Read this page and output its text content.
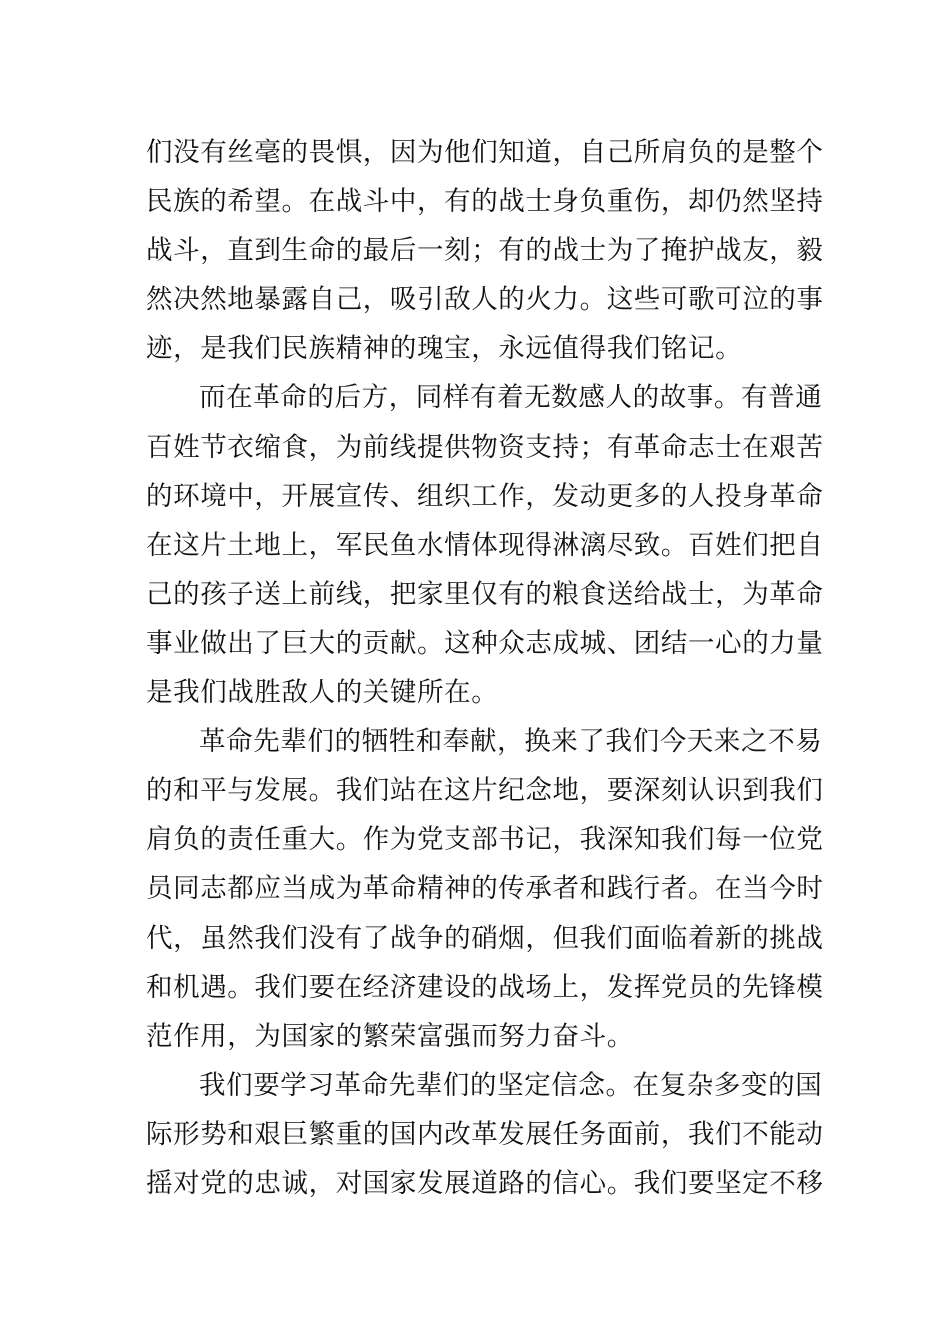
们没有丝毫的畏惧，因为他们知道，自己所肩负的是整个
民族的希望。在战斗中，有的战士身负重伤，却仍然坚持
战斗，直到生命的最后一刻；有的战士为了掩护战友，毅
然决然地暴露自己，吸引敌人的火力。这些可歌可泣的事
迹，是我们民族精神的瑰宝，永远值得我们铭记。
而在革命的后方，同样有着无数感人的故事。有普通
百姓节衣缩食，为前线提供物资支持；有革命志士在艰苦
的环境中，开展宣传、组织工作，发动更多的人投身革命
在这片土地上，军民鱼水情体现得淋漓尽致。百姓们把自
己的孩子送上前线，把家里仅有的粮食送给战士，为革命
事业做出了巨大的贡献。这种众志成城、团结一心的力量
是我们战胜敌人的关键所在。
革命先辈们的牺牲和奉献，换来了我们今天来之不易
的和平与发展。我们站在这片纪念地，要深刻认识到我们
肩负的责任重大。作为党支部书记，我深知我们每一位党
员同志都应当成为革命精神的传承者和践行者。在当今时
代，虽然我们没有了战争的硝烟，但我们面临着新的挑战
和机遇。我们要在经济建设的战场上，发挥党员的先锋模
范作用，为国家的繁荣富强而努力奋斗。
我们要学习革命先辈们的坚定信念。在复杂多变的国
际形势和艰巨繁重的国内改革发展任务面前，我们不能动
摇对党的忠诚，对国家发展道路的信心。我们要坚定不移
